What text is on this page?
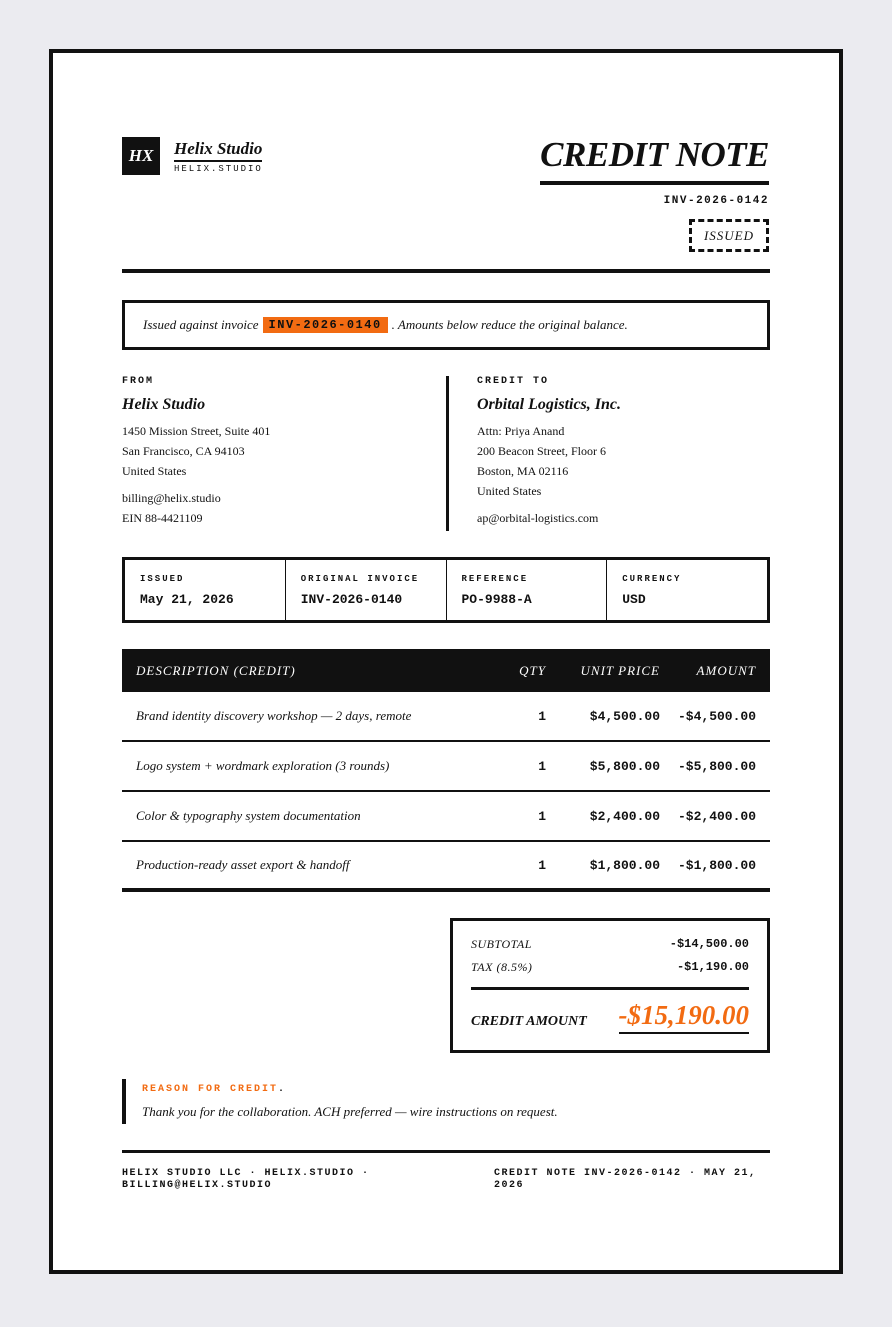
HX	Helix Studio
HELIX.STUDIO	CREDIT NOTE
INV-2026-0142
ISSUED
Issued against invoice INV-2026-0140 . Amounts below reduce the original balance.
FROM
Helix Studio
1450 Mission Street, Suite 401
San Francisco, CA 94103
United States
billing@helix.studio
EIN 88-4421109
CREDIT TO
Orbital Logistics, Inc.
Attn: Priya Anand
200 Beacon Street, Floor 6
Boston, MA 02116
United States
ap@orbital-logistics.com
ISSUED
May 21, 2026
ORIGINAL INVOICE
INV-2026-0140
REFERENCE
PO-9988-A
CURRENCY
USD
DESCRIPTION (CREDIT)	QTY	UNIT PRICE	AMOUNT
Brand identity discovery workshop — 2 days, remote	1	$4,500.00	-$4,500.00
Logo system + wordmark exploration (3 rounds)	1	$5,800.00	-$5,800.00
Color & typography system documentation	1	$2,400.00	-$2,400.00
Production-ready asset export & handoff	1	$1,800.00	-$1,800.00
SUBTOTAL	-$14,500.00
TAX (8.5%)	-$1,190.00
CREDIT AMOUNT -$15,190.00
REASON FOR CREDIT.
Thank you for the collaboration. ACH preferred — wire instructions on request.
HELIX STUDIO LLC · HELIX.STUDIO · BILLING@HELIX.STUDIO
CREDIT NOTE INV-2026-0142 · MAY 21, 2026
